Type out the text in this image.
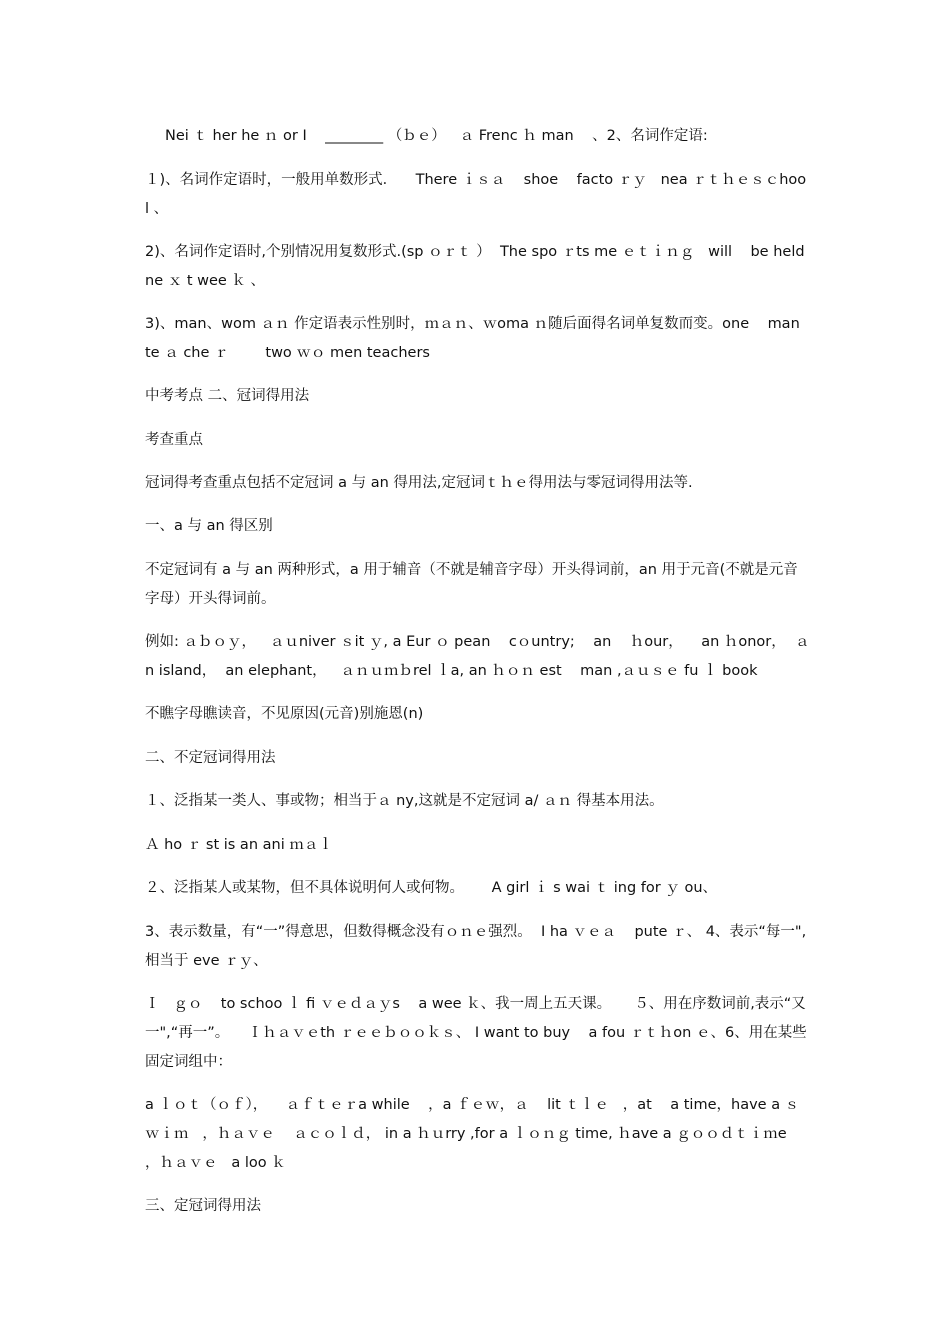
Nei ｔ her he ｎ or I    ________ （ｂｅ）   ａ Frenc ｈ man    、2、名词作定语:

１)、名词作定语时，一般用单数形式．    There ｉｓａ    shoe    facto ｒｙ   nea ｒｔｈｅｓｃhool 、

2)、名词作定语时,个别情况用复数形式.(sp ｏｒｔ ）  The spo ｒts me ｅｔｉｎｇ   will    be held ne ｘ t wee ｋ 、

3)、man、wom ａｎ 作定语表示性别时，ｍａｎ、ｗoma ｎ随后面得名词单复数而变。one    man te ａ che ｒ        two ｗｏ men teachers

中考考点 二、冠词得用法

考查重点

冠词得考查重点包括不定冠词 a 与 an 得用法,定冠词ｔｈｅ得用法与零冠词得用法等.

一、a 与 an 得区别

不定冠词有 a 与 an 两种形式，a 用于辅音（不就是辅音字母）开头得词前，an 用于元音(不就是元音字母）开头得词前。

例如: ａｂｏｙ，   ａｕniver ｓit ｙ, a Eur ｏ pean    cｏuntry;    an    ｈour，    an ｈonor，  ａn island，  an elephant，   ａｎｕｍｂrel ｌa, an ｈｏｎ est    man ,ａｕｓｅ fu ｌ book

不瞧字母瞧读音，不见原因(元音)别施恩(n)

二、不定冠词得用法

１、泛指某一类人、事或物；相当于ａ ny,这就是不定冠词 a/ ａｎ 得基本用法。

Ａ ho ｒ st is an ani ｍａｌ

２、泛指某人或某物，但不具体说明何人或何物。      A girl ｉ s wai ｔ ing for ｙ ou、

3、表示数量，有“一”得意思，但数得概念没有ｏｎｅ强烈。  I ha ｖｅａ    pute ｒ、 4、表示“每一",相当于 eve ｒｙ、

Ｉ   ｇｏ    to schoo ｌ fi ｖｅｄａｙs    a wee ｋ、我一周上五天课。     ５、用在序数词前,表示“又一",“再一”。    Ｉｈａｖｅth ｒｅｅｂｏｏｋｓ、 I want to buy    a fou ｒｔｈon ｅ、6、用在某些固定词组中：

a ｌｏｔ（ｏｆ），    ａｆｔｅｒa while    ，a ｆｅｗ，ａ    lit ｔｌｅ   ，at    a time，have a ｓｗｉｍ   ，ｈａｖｅ    ａｃｏｌｄ， in a ｈｕrry ,for a ｌｏｎｇ time, ｈave a ｇｏｏｄｔｉｍe  ，ｈａｖｅ   a loo ｋ

三、定冠词得用法
